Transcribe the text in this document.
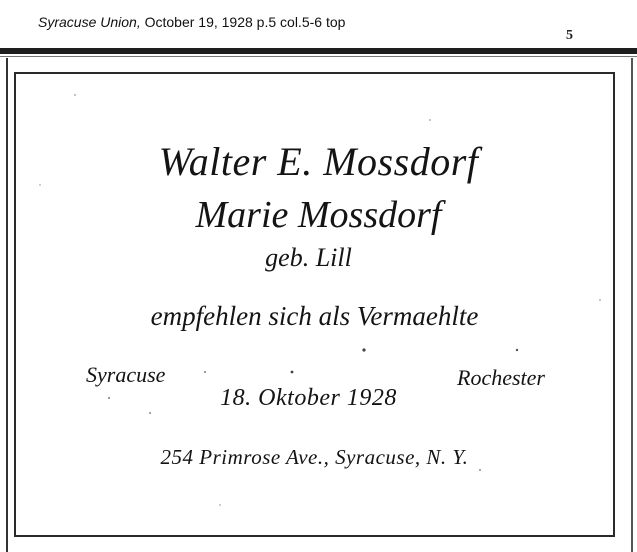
Syracuse Union, October 19, 1928 p.5 col.5-6 top
5
Walter E. Mossdorf
Marie Mossdorf
geb. Lill
empfehlen sich als Vermaehlte
Syracuse	Rochester
18. Oktober 1928
254 Primrose Ave., Syracuse, N. Y.
